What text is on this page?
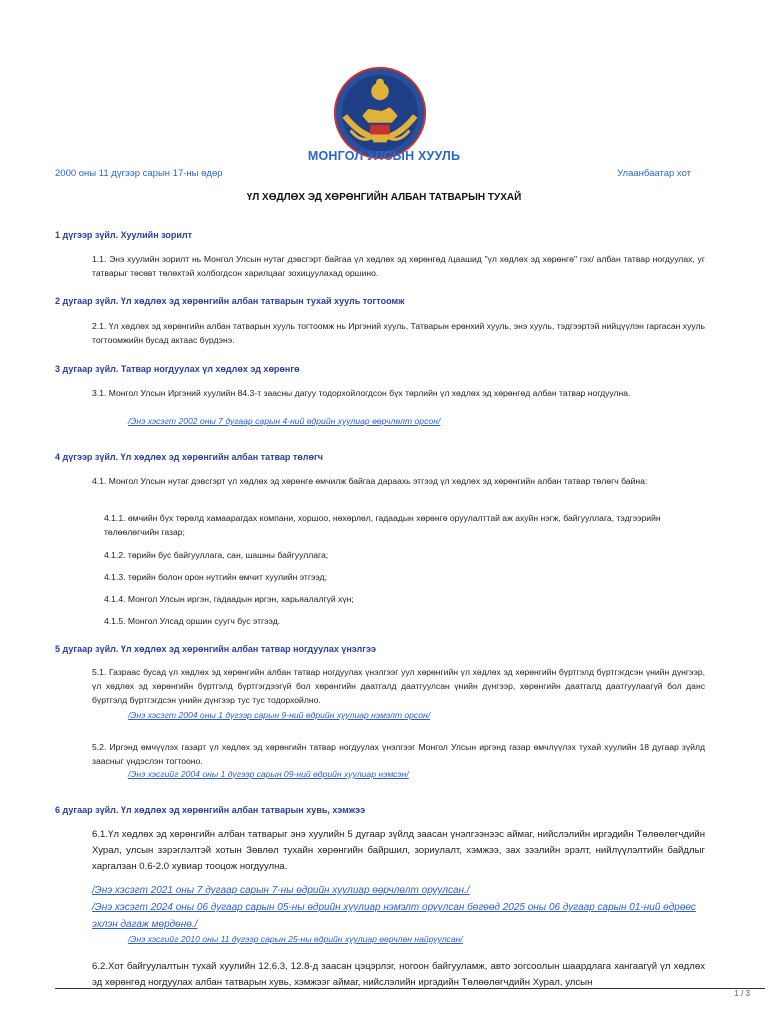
МОНГОЛ УЛСЫН ХУУЛЬ
2000 оны 11 дүгээр сарын 17-ны өдөр	Улаанбаатар хот
ҮЛ ХӨДЛӨХ ЭД ХӨРӨНГИЙН АЛБАН ТАТВАРЫН ТУХАЙ
1 дүгээр зүйл. Хуулийн зорилт
1.1. Энэ хуулийн зорилт нь Монгол Улсын нутаг дэвсгэрт байгаа үл хөдлөх эд хөрөнгөд /цаашид "үл хөдлөх эд хөрөнгө" гэх/ албан татвар ногдуулах, уг татварыг төсөвт төлөхтэй холбогдсон харилцааг зохицуулахад оршино.
2 дугаар зүйл. Үл хөдлөх эд хөрөнгийн албан татварын тухай хууль тогтоомж
2.1. Үл хөдлөх эд хөрөнгийн албан татварын хууль тогтоомж нь Иргэний хууль, Татварын ерөнхий хууль, энэ хууль, тэдгээртэй нийцүүлэн гаргасан хууль тогтоомжийн бусад актаас бүрдэнэ.
3 дугаар зүйл. Татвар ногдуулах үл хөдлөх эд хөрөнгө
3.1. Монгол Улсын Иргэний хуулийн 84.3-т заасны дагуу тодорхойлогдсон бүх төрлийн үл хөдлөх эд хөрөнгөд албан татвар ногдуулна.
/Энэ хэсэгт 2002 оны 7 дугаар сарын 4-ний өдрийн хуулиар өөрчлөлт орсон/
4 дүгээр зүйл. Үл хөдлөх эд хөрөнгийн албан татвар төлөгч
4.1. Монгол Улсын нутаг дэвсгэрт үл хөдлөх эд хөрөнгө өмчилж байгаа дараахь этгээд үл хөдлөх эд хөрөнгийн албан татвар төлөгч байна:
4.1.1. өмчийн бүх төрөлд хамаарагдах компани, хоршоо, нөхөрлөл, гадаадын хөрөнгө оруулалттай аж ахуйн нэгж, байгууллага, тэдгээрийн төлөөлөгчийн газар;
4.1.2. төрийн бус байгууллага, сан, шашны байгууллага;
4.1.3. төрийн болон орон нутгийн өмчит хуулийн этгээд;
4.1.4. Монгол Улсын иргэн, гадаадын иргэн, харьяалалгүй хүн;
4.1.5. Монгол Улсад оршин суугч бус этгээд.
5 дугаар зүйл. Үл хөдлөх эд хөрөнгийн албан татвар ногдуулах үнэлгээ
5.1. Газраас бусад үл хөдлөх эд хөрөнгийн албан татвар ногдуулах үнэлгээг уул хөрөнгийн үл хөдлөх эд хөрөнгийн бүртгэлд бүртгэгдсэн үнийн дүнгээр, үл хөдлөх эд хөрөнгийн бүртгэлд бүртгэгдээгүй бол хөрөнгийн даатгалд даатгуулсан үнийн дүнгээр, хөрөнгийн даатгалд даатгуулаагүй бол данс бүртгэлд бүртгэгдсэн үнийн дүнгээр тус тус тодорхойлно.
/Энэ хэсэгт 2004 оны 1 дүгээр сарын 9-ний өдрийн хуулиар нэмэлт орсон/
5.2. Иргэнд өмчүүлэх газарт үл хөдлөх эд хөрөнгийн татвар ногдуулах үнэлгээг Монгол Улсын иргэнд газар өмчлүүлэх тухай хуулийн 18 дугаар зүйлд заасныг үндэслэн тогтооно.
/Энэ хэсгийг 2004 оны 1 дүгээр сарын 09-ний өдрийн хуулиар нэмсэн/
6 дугаар зүйл. Үл хөдлөх эд хөрөнгийн албан татварын хувь, хэмжээ
6.1.Үл хөдлөх эд хөрөнгийн албан татварыг энэ хуулийн 5 дугаар зүйлд заасан үнэлгээнээс аймаг, нийслэлийн иргэдийн Төлөөлөгчдийн Хурал, улсын зэрэглэлтэй хотын Зөвлөл тухайн хөрөнгийн байршил, зориулалт, хэмжээ, зах зээлийн эрэлт, нийлүүлэлтийн байдлыг харгалзан 0.6-2.0 хувиар тооцож ногдуулна.
/Энэ хэсэгт 2021 оны 7 дугаар сарын 7-ны өдрийн хуулиар өөрчлөлт оруулсан./
/Энэ хэсэгт 2024 оны 06 дугаар сарын 05-ны өдрийн хуулиар нэмэлт оруулсан бөгөөд 2025 оны 06 дугаар сарын 01-ний өдрөөс эхлэн дагаж мөрдөнө./
/Энэ хэсгийг 2010 оны 11 дүгээр сарын 25-ны өдрийн хуулиар өөрчлөн найруулсан/
6.2.Хот байгуулалтын тухай хуулийн 12.6.3, 12.8-д заасан цэцэрлэг, ногоон байгууламж, авто зогсоолын шаардлага хангаагүй үл хөдлөх эд хөрөнгөд ногдуулах албан татварын хувь, хэмжээг аймаг, нийслэлийн иргэдийн Төлөөлөгчдийн Хурал, улсын
1 / 3
